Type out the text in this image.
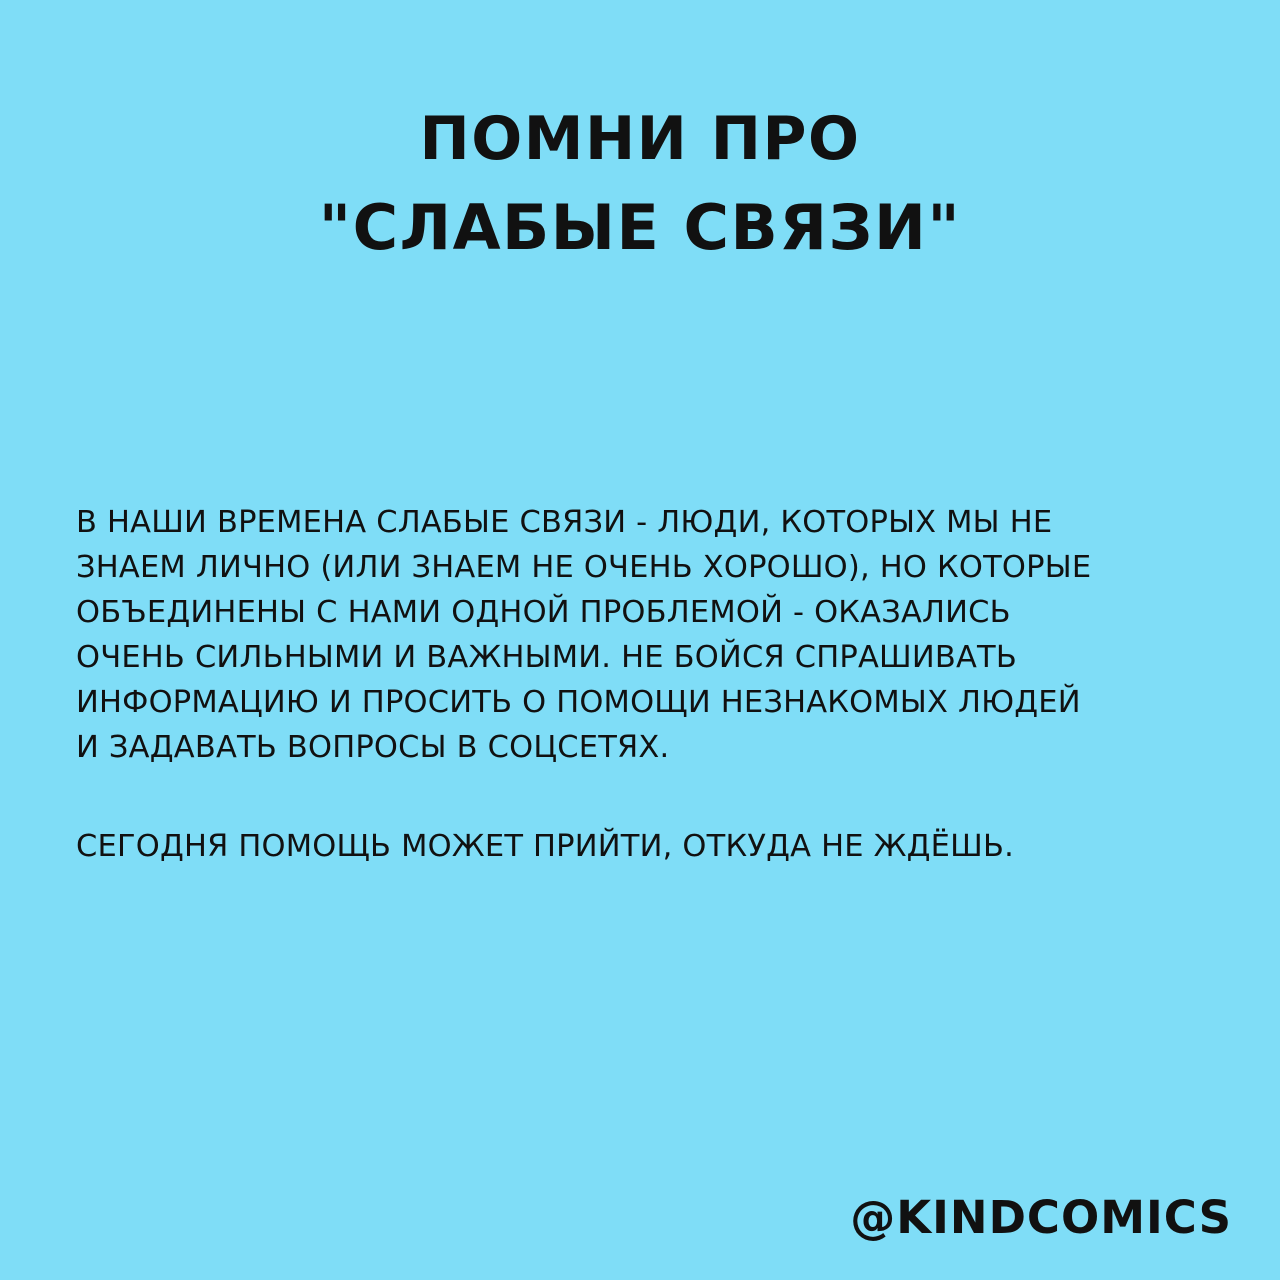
ПОМНИ ПРО
"СЛАБЫЕ СВЯЗИ"

В НАШИ ВРЕМЕНА СЛАБЫЕ СВЯЗИ - ЛЮДИ, КОТОРЫХ МЫ НЕ
ЗНАЕМ ЛИЧНО (ИЛИ ЗНАЕМ НЕ ОЧЕНЬ ХОРОШО), НО КОТОРЫЕ
ОБЪЕДИНЕНЫ С НАМИ ОДНОЙ ПРОБЛЕМОЙ - ОКАЗАЛИСЬ
ОЧЕНЬ СИЛЬНЫМИ И ВАЖНЫМИ. НЕ БОЙСЯ СПРАШИВАТЬ
ИНФОРМАЦИЮ И ПРОСИТЬ О ПОМОЩИ НЕЗНАКОМЫХ ЛЮДЕЙ
И ЗАДАВАТЬ ВОПРОСЫ В СОЦСЕТЯХ.

СЕГОДНЯ ПОМОЩЬ МОЖЕТ ПРИЙТИ, ОТКУДА НЕ ЖДЁШЬ.

@KINDCOMICS
